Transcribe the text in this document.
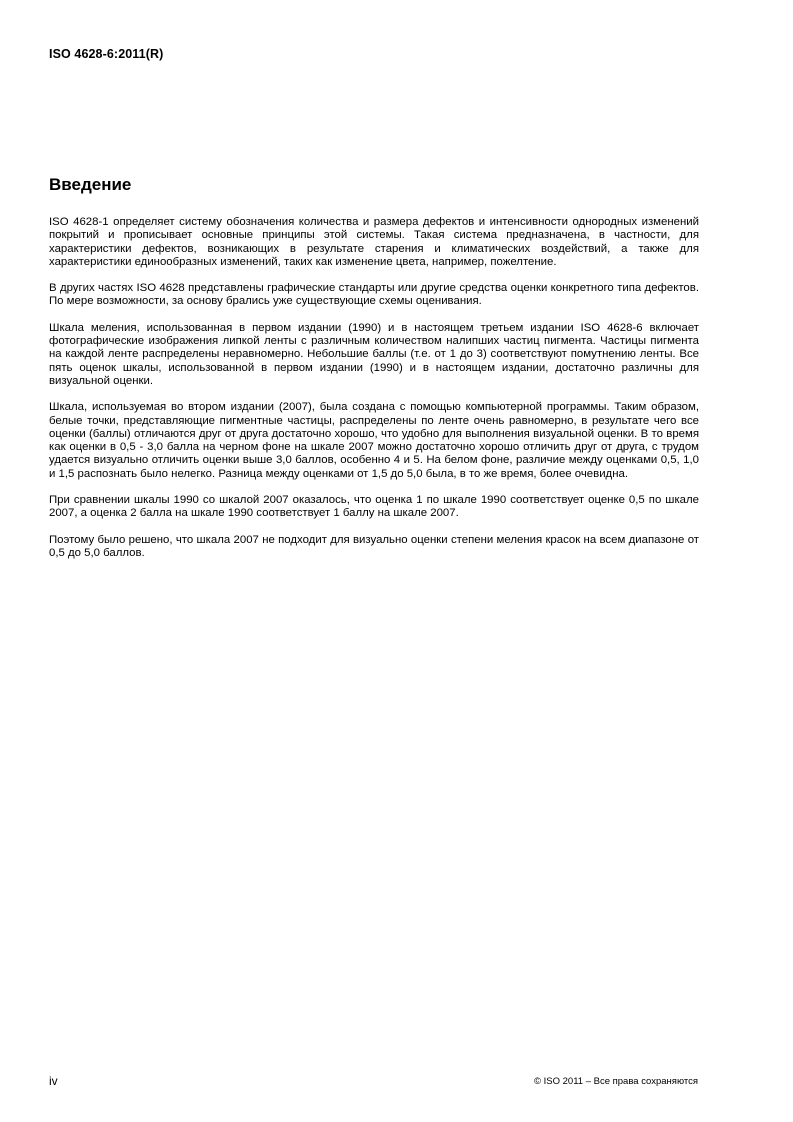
ISO 4628-6:2011(R)
Введение

ISO 4628-1 определяет систему обозначения количества и размера дефектов и интенсивности однородных изменений покрытий и прописывает основные принципы этой системы. Такая система предназначена, в частности, для характеристики дефектов, возникающих в результате старения и климатических воздействий, а также для характеристики единообразных изменений, таких как изменение цвета, например, пожелтение.

В других частях ISO 4628 представлены графические стандарты или другие средства оценки конкретного типа дефектов. По мере возможности, за основу брались уже существующие схемы оценивания.

Шкала меления, использованная в первом издании (1990) и в настоящем третьем издании ISO 4628-6 включает фотографические изображения липкой ленты с различным количеством налипших частиц пигмента. Частицы пигмента на каждой ленте распределены неравномерно. Небольшие баллы (т.е. от 1 до 3) соответствуют помутнению ленты. Все пять оценок шкалы, использованной в первом издании (1990) и в настоящем издании, достаточно различны для визуальной оценки.

Шкала, используемая во втором издании (2007), была создана с помощью компьютерной программы. Таким образом, белые точки, представляющие пигментные частицы, распределены по ленте очень равномерно, в результате чего все оценки (баллы) отличаются друг от друга достаточно хорошо, что удобно для выполнения визуальной оценки. В то время как оценки в 0,5 - 3,0 балла на черном фоне на шкале 2007 можно достаточно хорошо отличить друг от друга, с трудом удается визуально отличить оценки выше 3,0 баллов, особенно 4 и 5. На белом фоне, различие между оценками 0,5, 1,0 и 1,5 распознать было нелегко. Разница между оценками от 1,5 до 5,0 была, в то же время, более очевидна.

При сравнении шкалы 1990 со шкалой 2007 оказалось, что оценка 1 по шкале 1990 соответствует оценке 0,5 по шкале 2007, а оценка 2 балла на шкале 1990 соответствует 1 баллу на шкале 2007.

Поэтому было решено, что шкала 2007 не подходит для визуально оценки степени меления красок на всем диапазоне от 0,5 до 5,0 баллов.

iv	© ISO 2011 – Все права сохраняются
